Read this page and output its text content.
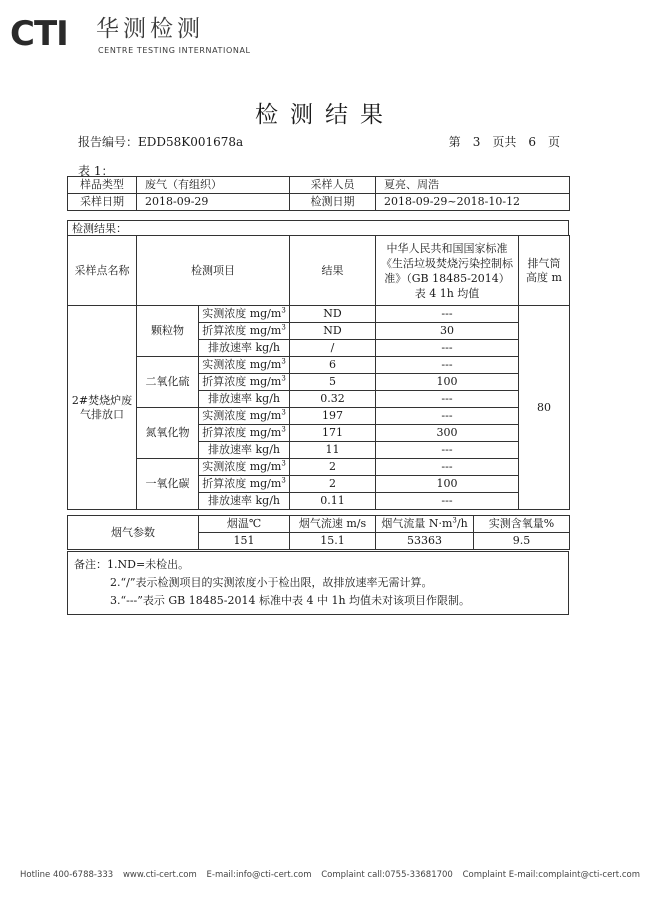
CTI 华测检测
CENTRE TESTING INTERNATIONAL
检测结果
报告编号：EDD58K001678a	第 3 页共 6 页
表 1：
样品类型	废气（有组织）	采样人员	夏亮、周浩
采样日期	2018-09-29	检测日期	2018-09-29~2018-10-12
检测结果：
采样点名称	检测项目		结果	中华人民共和国国家标准
《生活垃圾焚烧污染控制标
准》（GB 18485-2014）
表 4 1h 均值	排气筒
高度 m

2#焚烧炉废
气排放口	颗粒物	实测浓度 $mg/m^3$	ND	---	80
		折算浓度 $mg/m^3$	ND	30	
		排放速率 kg/h	/	---	
	二氧化硫	实测浓度 $mg/m^3$	6	---	
		折算浓度 $mg/m^3$	5	100	
		排放速率 kg/h	0.32	---	
	氮氧化物	实测浓度 $mg/m^3$	197	---	
		折算浓度 $mg/m^3$	171	300	
		排放速率 kg/h	11	---	
	一氧化碳	实测浓度 $mg/m^3$	2	---	
		折算浓度 $mg/m^3$	2	100	
		排放速率 kg/h	0.11	---	
烟气参数	烟温℃	烟气流速 m/s	烟气流量 $N\cdot m^3/h$	实测含氧量%
	151	15.1	53363	9.5
备注：1.ND=未检出。
2.“/”表示检测项目的实测浓度小于检出限，故排放速率无需计算。
3.“---”表示 GB 18485-2014 标准中表 4 中 1h 均值未对该项目作限制。
Hotline 400-6788-333 www.cti-cert.com E-mail:info@cti-cert.com Complaint call:0755-33681700 Complaint E-mail:complaint@cti-cert.com
